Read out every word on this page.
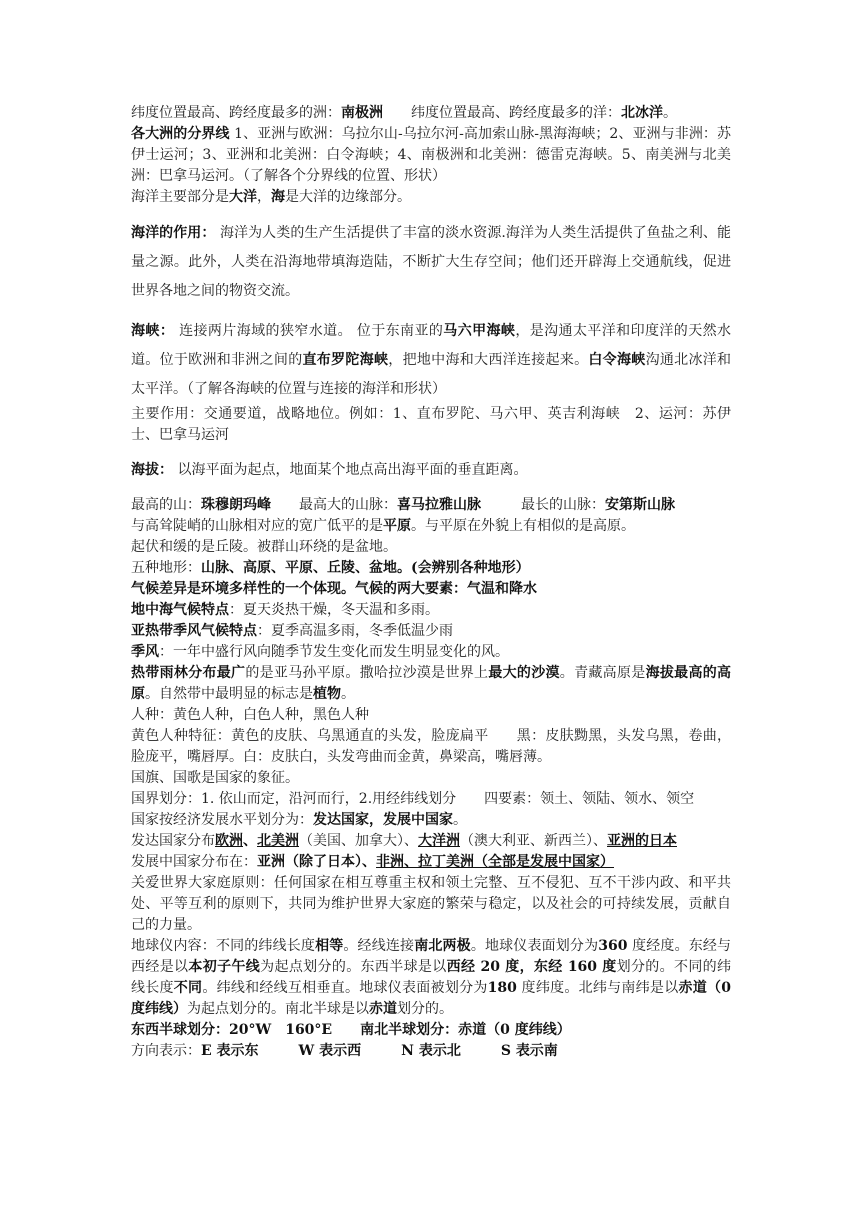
纬度位置最高、跨经度最多的洲：南极洲 纬度位置最高、跨经度最多的洋：北冰洋。

各大洲的分界线 1、亚洲与欧洲：乌拉尔山-乌拉尔河-高加索山脉-黑海海峡；2、亚洲与非洲：苏伊士运河；3、亚洲和北美洲：白令海峡；4、南极洲和北美洲：德雷克海峡。5、南美洲与北美洲：巴拿马运河。（了解各个分界线的位置、形状）

海洋主要部分是大洋，海是大洋的边缘部分。

海洋的作用： 海洋为人类的生产生活提供了丰富的淡水资源.海洋为人类生活提供了鱼盐之利、能量之源。此外，人类在沿海地带填海造陆，不断扩大生存空间；他们还开辟海上交通航线，促进世界各地之间的物资交流。

海峡： 连接两片海域的狭窄水道。 位于东南亚的马六甲海峡，是沟通太平洋和印度洋的天然水道。位于欧洲和非洲之间的直布罗陀海峡，把地中海和大西洋连接起来。白令海峡沟通北冰洋和太平洋。（了解各海峡的位置与连接的海洋和形状）

主要作用：交通要道，战略地位。例如：1、直布罗陀、马六甲、英吉利海峡　2、运河：苏伊士、巴拿马运河

海拔： 以海平面为起点，地面某个地点高出海平面的垂直距离。

最高的山：珠穆朗玛峰 最高大的山脉：喜马拉雅山脉	最长的山脉：安第斯山脉

与高耸陡峭的山脉相对应的宽广低平的是平原。与平原在外貌上有相似的是高原。

起伏和缓的是丘陵。被群山环绕的是盆地。

五种地形：山脉、高原、平原、丘陵、盆地。(会辨别各种地形）

气候差异是环境多样性的一个体现。气候的两大要素：气温和降水

地中海气候特点：夏天炎热干燥，冬天温和多雨。

亚热带季风气候特点：夏季高温多雨，冬季低温少雨

季风：一年中盛行风向随季节发生变化而发生明显变化的风。

热带雨林分布最广的是亚马孙平原。撒哈拉沙漠是世界上最大的沙漠。青藏高原是海拔最高的高原。自然带中最明显的标志是植物。

人种：黄色人种，白色人种，黑色人种

黄色人种特征：黄色的皮肤、乌黑通直的头发，脸庞扁平 黑：皮肤黝黑，头发乌黑，卷曲，脸庞平，嘴唇厚。白：皮肤白，头发弯曲而金黄，鼻梁高，嘴唇薄。

国旗、国歌是国家的象征。

国界划分：1. 依山而定，沿河而行，2.用经纬线划分 四要素：领土、领陆、领水、领空

国家按经济发展水平划分为：发达国家，发展中国家。

发达国家分布欧洲、北美洲（美国、加拿大）、大洋洲（澳大利亚、新西兰）、亚洲的日本

发展中国家分布在：亚洲（除了日本）、非洲、拉丁美洲（全部是发展中国家）

关爱世界大家庭原则：任何国家在相互尊重主权和领土完整、互不侵犯、互不干涉内政、和平共处、平等互利的原则下，共同为维护世界大家庭的繁荣与稳定，以及社会的可持续发展，贡献自己的力量。

地球仪内容：不同的纬线长度相等。经线连接南北两极。地球仪表面划分为360 度经度。东经与西经是以本初子午线为起点划分的。东西半球是以西经 20 度，东经 160 度划分的。不同的纬线长度不同。纬线和经线互相垂直。地球仪表面被划分为180 度纬度。北纬与南纬是以赤道（0 度纬线）为起点划分的。南北半球是以赤道划分的。

东西半球划分：20°W　160°E 南北半球划分：赤道（0 度纬线）

方向表示：E 表示东	W 表示西	N 表示北	S 表示南
